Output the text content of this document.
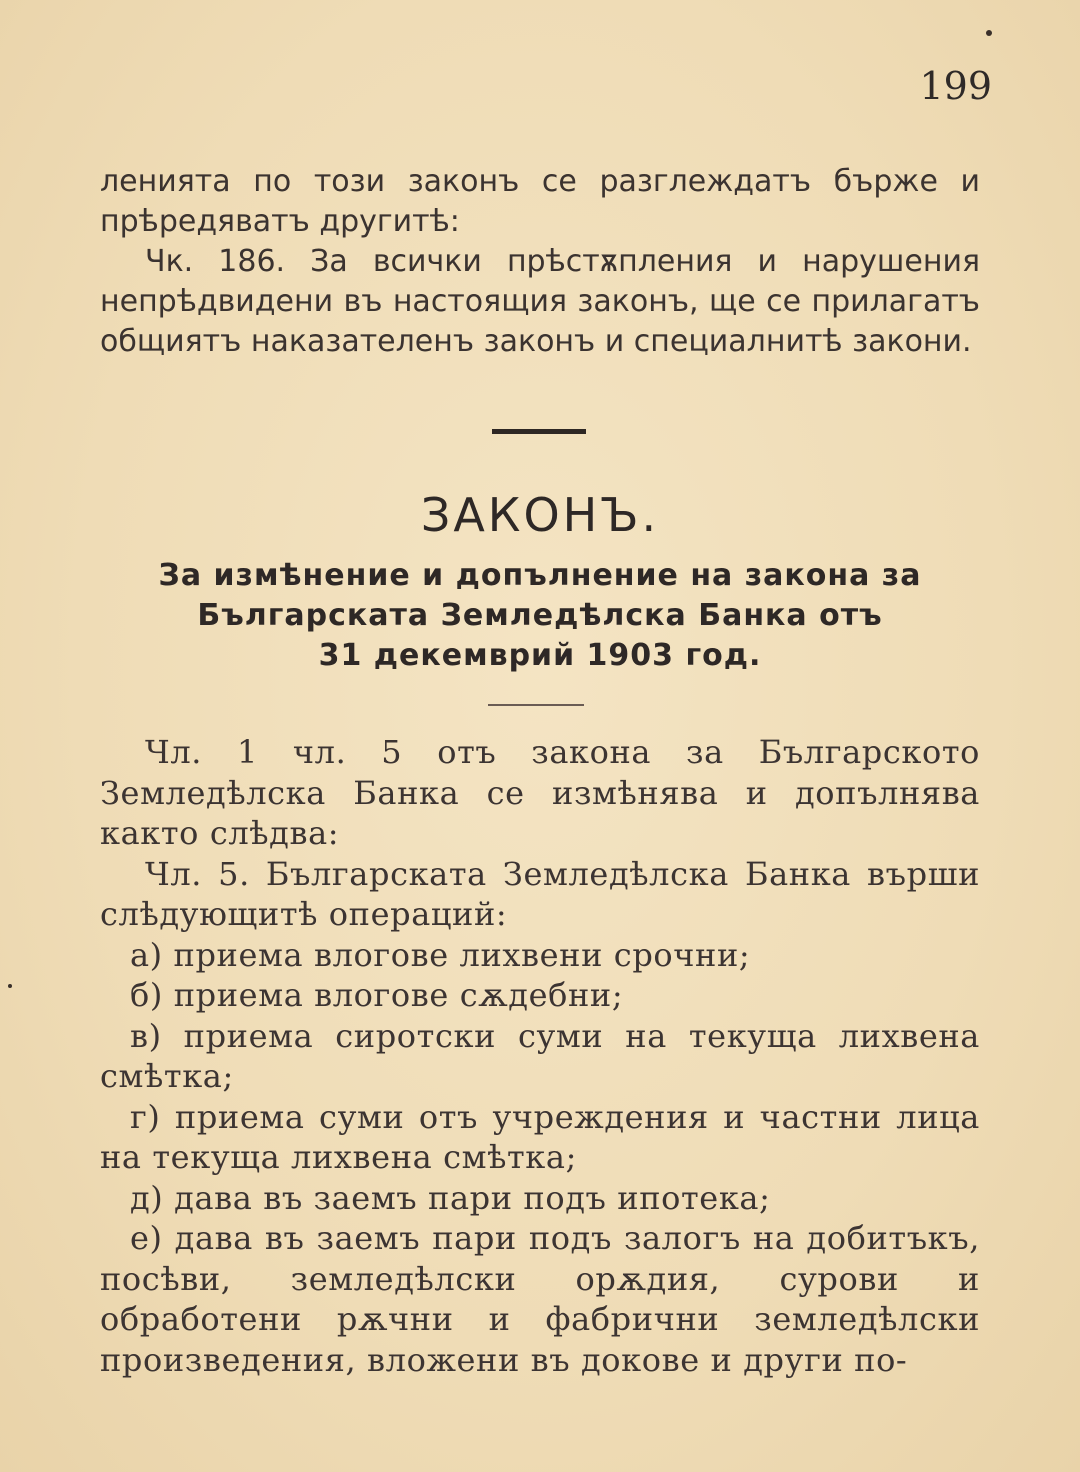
199

ленията по този законъ се разглеждатъ бърже и прѣредяватъ другитѣ:

Чк. 186. За всички прѣстѫпления и нарушения непрѣдвидени въ настоящия законъ, ще се прилагатъ общиятъ наказателенъ законъ и специалнитѣ закони.

ЗАКОНЪ.
За измѣнение и допълнение на закона за
Българската Земледѣлска Банка отъ
31 декемврий 1903 год.

Чл. 1 чл. 5 отъ закона за Българското Земледѣлска Банка се измѣнява и допълнява както слѣдва:

Чл. 5. Българската Земледѣлска Банка върши слѣдующитѣ операций:

а) приема влогове лихвени срочни;

б) приема влогове сѫдебни;

в) приема сиротски суми на текуща лихвена смѣтка;

г) приема суми отъ учреждения и частни лица на текуща лихвена смѣтка;

д) дава въ заемъ пари подъ ипотека;

е) дава въ заемъ пари подъ залогъ на добитъкъ, посѣви, земледѣлски орѫдия, сурови и обработени рѫчни и фабрични земледѣлски произведения, вложени въ докове и други по-
